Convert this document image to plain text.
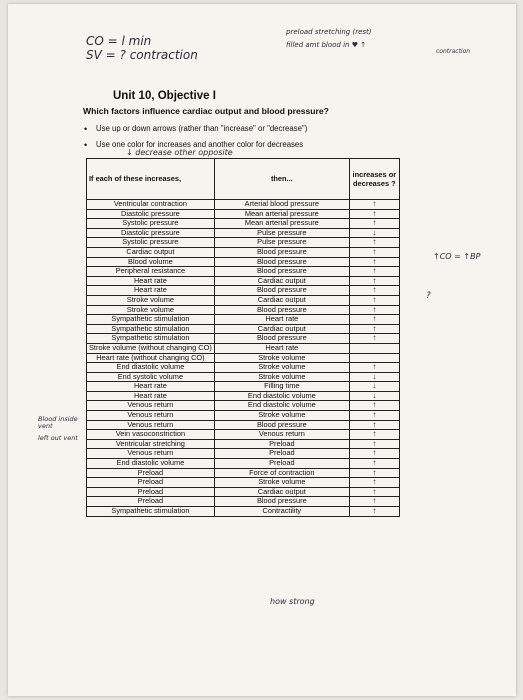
CO = l min
SV = ? contraction
preload stretching (rest)
filled amt blood in ♥ ↑
contraction
Unit 10, Objective I
Which factors influence cardiac output and blood pressure?
• Use up or down arrows (rather than "increase" or "decrease")
• Use one color for increases and another color for decreases
↓ decrease other opposite
↑CO = ↑BP
?
Blood inside vent
left out vent
how strong
If each of these increases,	then...	increases or decreases ?
Ventricular contraction	Arterial blood pressure	↑
Diastolic pressure	Mean arterial pressure	↑
Systolic pressure	Mean arterial pressure	↑
Diastolic pressure	Pulse pressure	↓
Systolic pressure	Pulse pressure	↑
Cardiac output	Blood pressure	↑
Blood volume	Blood pressure	↑
Peripheral resistance	Blood pressure	↑
Heart rate	Cardiac output	↑
Heart rate	Blood pressure	↑
Stroke volume	Cardiac output	↑
Stroke volume	Blood pressure	↑
Sympathetic stimulation	Heart rate	↑
Sympathetic stimulation	Cardiac output	↑
Sympathetic stimulation	Blood pressure	↑
Stroke volume (without changing CO)	Heart rate	
Heart rate (without changing CO)	Stroke volume	
End diastolic volume	Stroke volume	↑
End systolic volume	Stroke volume	↓
Heart rate	Filling time	↓
Heart rate	End diastolic volume	↓
Venous return	End diastolic volume	↑
Venous return	Stroke volume	↑
Venous return	Blood pressure	↑
Vein vasoconstriction	Venous return	↑
Ventricular stretching	Preload	↑
Venous return	Preload	↑
End diastolic volume	Preload	↑
Preload	Force of contraction	↑
Preload	Stroke volume	↑
Preload	Cardiac output	↑
Preload	Blood pressure	↑
Sympathetic stimulation	Contractility	↑
